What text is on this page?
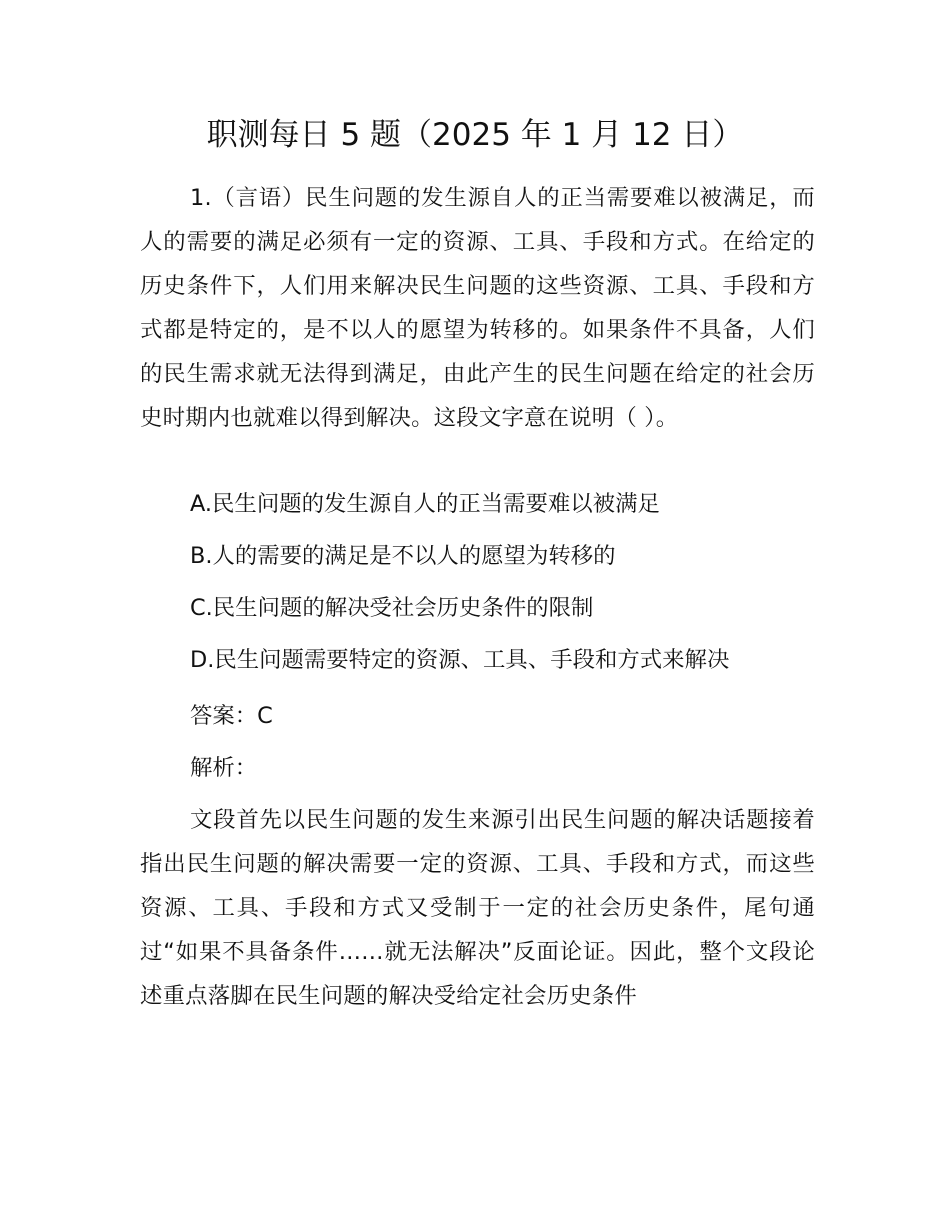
职测每日 5 题（2025 年 1 月 12 日）

1.（言语）民生问题的发生源自人的正当需要难以被满足，而人的需要的满足必须有一定的资源、工具、手段和方式。在给定的历史条件下，人们用来解决民生问题的这些资源、工具、手段和方式都是特定的，是不以人的愿望为转移的。如果条件不具备，人们的民生需求就无法得到满足，由此产生的民生问题在给定的社会历史时期内也就难以得到解决。这段文字意在说明（ ）。

A.民生问题的发生源自人的正当需要难以被满足
B.人的需要的满足是不以人的愿望为转移的
C.民生问题的解决受社会历史条件的限制
D.民生问题需要特定的资源、工具、手段和方式来解决
答案：C
解析：

文段首先以民生问题的发生来源引出民生问题的解决话题接着指出民生问题的解决需要一定的资源、工具、手段和方式，而这些资源、工具、手段和方式又受制于一定的社会历史条件，尾句通过“如果不具备条件……就无法解决”反面论证。因此，整个文段论述重点落脚在民生问题的解决受给定社会历史条件
